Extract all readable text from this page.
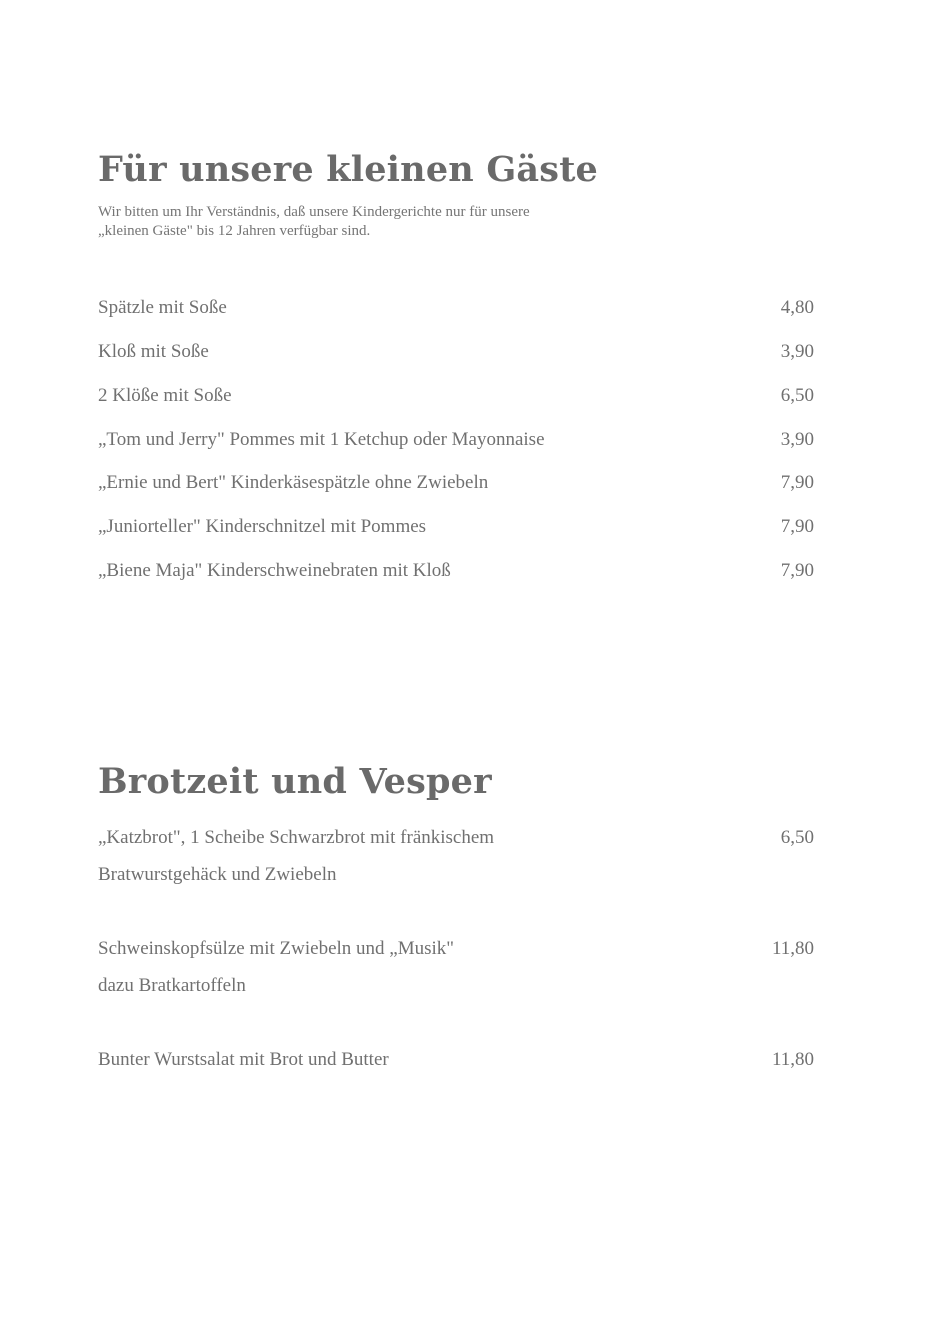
Für unsere kleinen Gäste
Wir bitten um Ihr Verständnis, daß unsere Kindergerichte nur für unsere
„kleinen Gäste" bis 12 Jahren verfügbar sind.
Spätzle mit Soße	4,80
Kloß mit Soße	3,90
2 Klöße mit Soße	6,50
„Tom und Jerry" Pommes mit 1 Ketchup oder Mayonnaise	3,90
„Ernie und Bert" Kinderkäsespätzle ohne Zwiebeln	7,90
„Juniorteller" Kinderschnitzel mit Pommes	7,90
„Biene Maja" Kinderschweinebraten mit Kloß	7,90
Brotzeit und Vesper
„Katzbrot", 1 Scheibe Schwarzbrot mit fränkischem	6,50
Bratwurstgehäck und Zwiebeln
Schweinskopfsülze mit Zwiebeln und „Musik"	11,80
dazu Bratkartoffeln
Bunter Wurstsalat mit Brot und Butter	11,80
